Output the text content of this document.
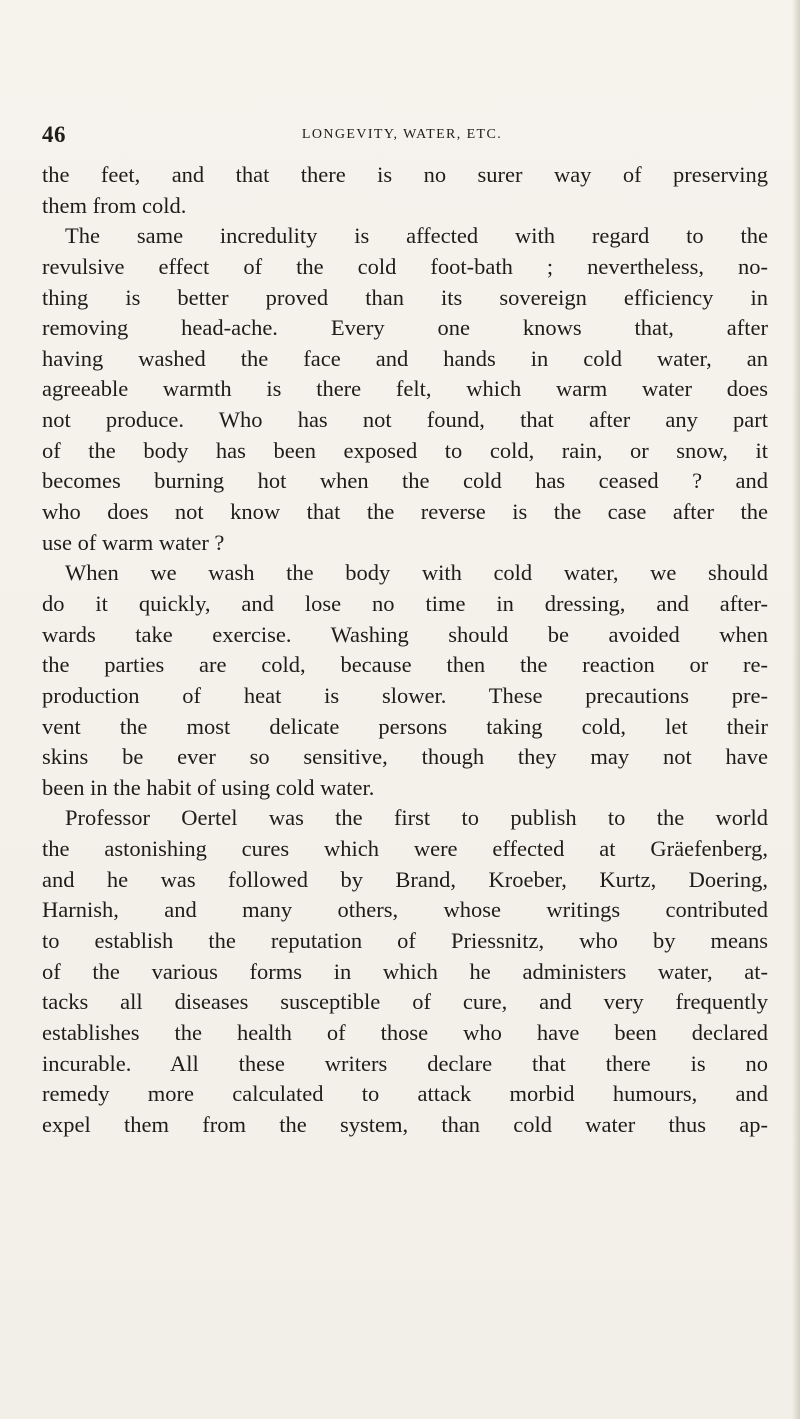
46	LONGEVITY, WATER, ETC.
the feet, and that there is no surer way of preserving
them from cold.
The same incredulity is affected with regard to the
revulsive effect of the cold foot-bath ; nevertheless, no-
thing is better proved than its sovereign efficiency in
removing head-ache. Every one knows that, after
having washed the face and hands in cold water, an
agreeable warmth is there felt, which warm water does
not produce. Who has not found, that after any part
of the body has been exposed to cold, rain, or snow, it
becomes burning hot when the cold has ceased ? and
who does not know that the reverse is the case after the
use of warm water ?
When we wash the body with cold water, we should
do it quickly, and lose no time in dressing, and after-
wards take exercise. Washing should be avoided when
the parties are cold, because then the reaction or re-
production of heat is slower. These precautions pre-
vent the most delicate persons taking cold, let their
skins be ever so sensitive, though they may not have
been in the habit of using cold water.
Professor Oertel was the first to publish to the world
the astonishing cures which were effected at Gräefenberg,
and he was followed by Brand, Kroeber, Kurtz, Doering,
Harnish, and many others, whose writings contributed
to establish the reputation of Priessnitz, who by means
of the various forms in which he administers water, at-
tacks all diseases susceptible of cure, and very frequently
establishes the health of those who have been declared
incurable. All these writers declare that there is no
remedy more calculated to attack morbid humours, and
expel them from the system, than cold water thus ap-
